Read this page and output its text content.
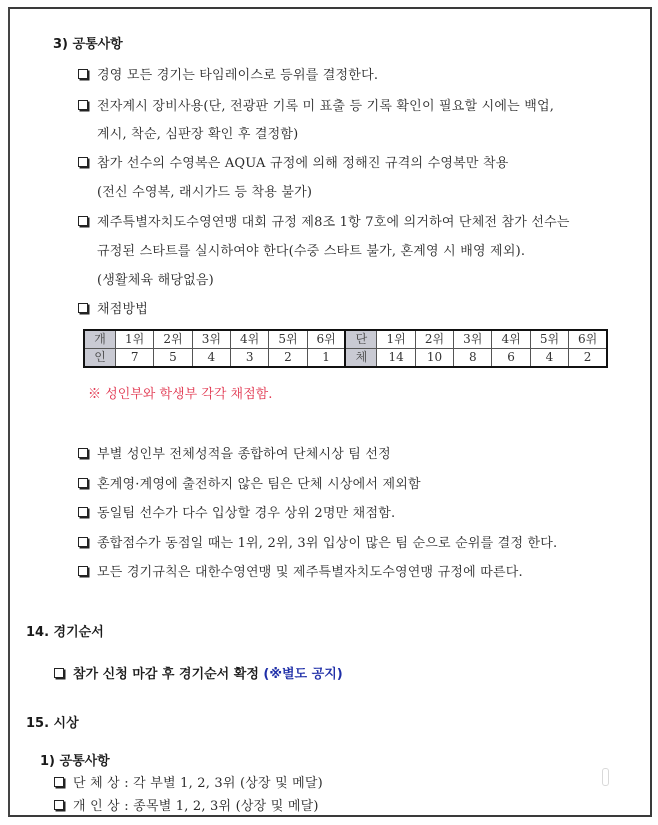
3) 공통사항
경영 모든 경기는 타임레이스로 등위를 결정한다.
전자계시 장비사용(단, 전광판 기록 미 표출 등 기록 확인이 필요할 시에는 백업,
계시, 착순, 심판장 확인 후 결정함)
참가 선수의 수영복은 AQUA 규정에 의해 정해진 규격의 수영복만 착용
(전신 수영복, 래시가드 등 착용 불가)
제주특별자치도수영연맹 대회 규정 제8조 1항 7호에 의거하여 단체전 참가 선수는
규정된 스타트를 실시하여야 한다(수중 스타트 불가, 혼계영 시 배영 제외).
(생활체육 해당없음)
채점방법
개	1위	2위	3위	4위	5위	6위	단	1위	2위	3위	4위	5위	6위
인	7	5	4	3	2	1	체	14	10	8	6	4	2
※ 성인부와 학생부 각각 채점함.
부별 성인부 전체성적을 종합하여 단체시상 팀 선정
혼계영·계영에 출전하지 않은 팀은 단체 시상에서 제외함
동일팀 선수가 다수 입상할 경우 상위 2명만 채점함.
종합점수가 동점일 때는 1위, 2위, 3위 입상이 많은 팀 순으로 순위를 결정 한다.
모든 경기규칙은 대한수영연맹 및 제주특별자치도수영연맹 규정에 따른다.
14. 경기순서
참가 신청 마감 후 경기순서 확정 (※별도 공지)
15. 시상
1) 공통사항
단 체 상 : 각 부별 1, 2, 3위 (상장 및 메달)
개 인 상 : 종목별 1, 2, 3위 (상장 및 메달)
